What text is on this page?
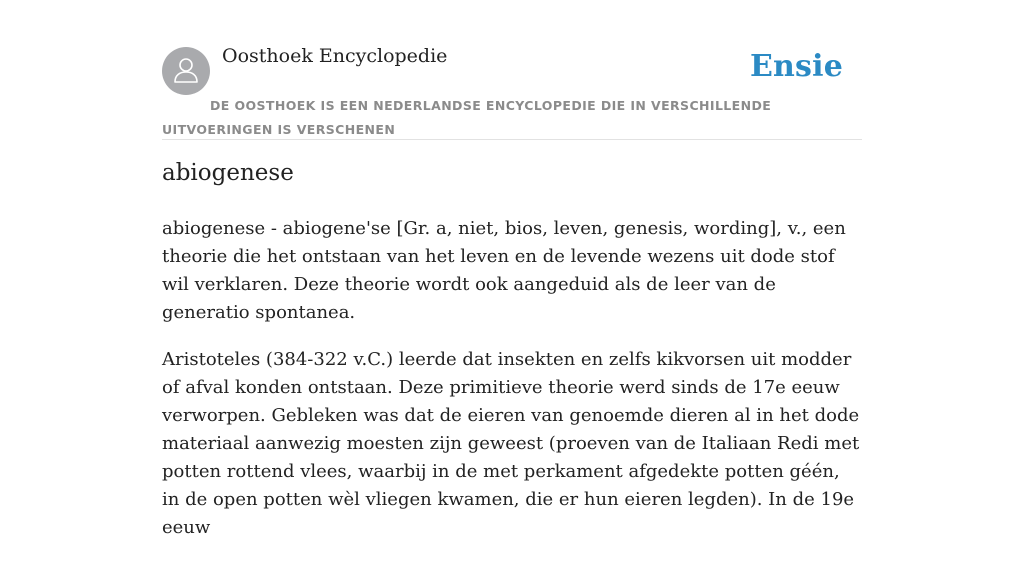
Oosthoek Encyclopedie	Ensie
DE OOSTHOEK IS EEN NEDERLANDSE ENCYCLOPEDIE DIE IN VERSCHILLENDE UITVOERINGEN IS VERSCHENEN
abiogenese

abiogenese - abiogene'se [Gr. a, niet, bios, leven, genesis, wording], v., een theorie die het ontstaan van het leven en de levende wezens uit dode stof wil verklaren. Deze theorie wordt ook aangeduid als de leer van de generatio spontanea.

Aristoteles (384-322 v.C.) leerde dat insekten en zelfs kikvorsen uit modder of afval konden ontstaan. Deze primitieve theorie werd sinds de 17e eeuw verworpen. Gebleken was dat de eieren van genoemde dieren al in het dode materiaal aanwezig moesten zijn geweest (proeven van de Italiaan Redi met potten rottend vlees, waarbij in de met perkament afgedekte potten géén, in de open potten wèl vliegen kwamen, die er hun eieren legden). In de 19e eeuw
